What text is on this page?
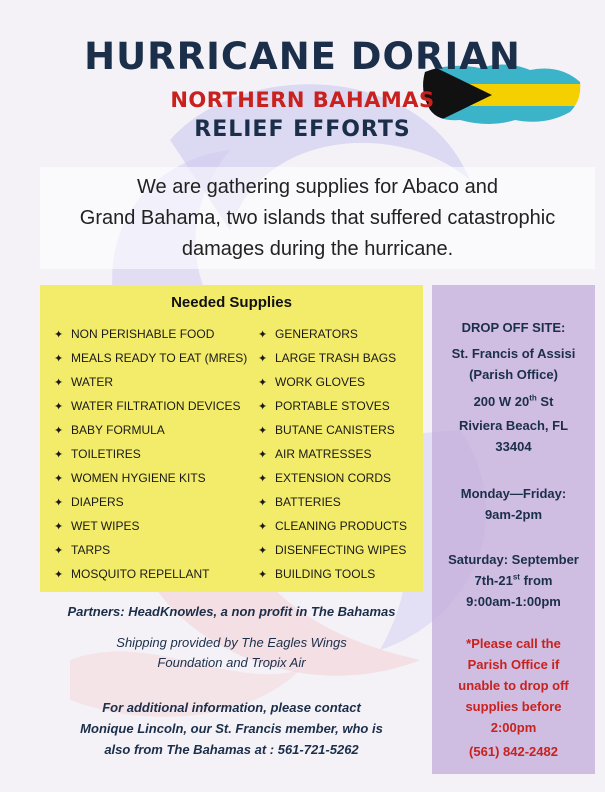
HURRICANE DORIAN
NORTHERN BAHAMAS
RELIEF EFFORTS

We are gathering supplies for Abaco and
Grand Bahama, two islands that suffered catastrophic
damages during the hurricane.

Needed Supplies
✦ NON PERISHABLE FOOD
✦ MEALS READY TO EAT (MRES)
✦ WATER
✦ WATER FILTRATION DEVICES
✦ BABY FORMULA
✦ TOILETIRES
✦ WOMEN HYGIENE KITS
✦ DIAPERS
✦ WET WIPES
✦ TARPS
✦ MOSQUITO REPELLANT
✦ GENERATORS
✦ LARGE TRASH BAGS
✦ WORK GLOVES
✦ PORTABLE STOVES
✦ BUTANE CANISTERS
✦ AIR MATRESSES
✦ EXTENSION CORDS
✦ BATTERIES
✦ CLEANING PRODUCTS
✦ DISENFECTING WIPES
✦ BUILDING TOOLS
DROP OFF SITE:
St. Francis of Assisi
(Parish Office)
200 W 20th St
Riviera Beach, FL
33404
Monday—Friday:
9am-2pm
Saturday: September
7th-21st from
9:00am-1:00pm
*Please call the
Parish Office if
unable to drop off
supplies before
2:00pm
(561) 842-2482
Partners: HeadKnowles, a non profit in The Bahamas
Shipping provided by The Eagles Wings
Foundation and Tropix Air
For additional information, please contact
Monique Lincoln, our St. Francis member, who is
also from The Bahamas at : 561-721-5262
